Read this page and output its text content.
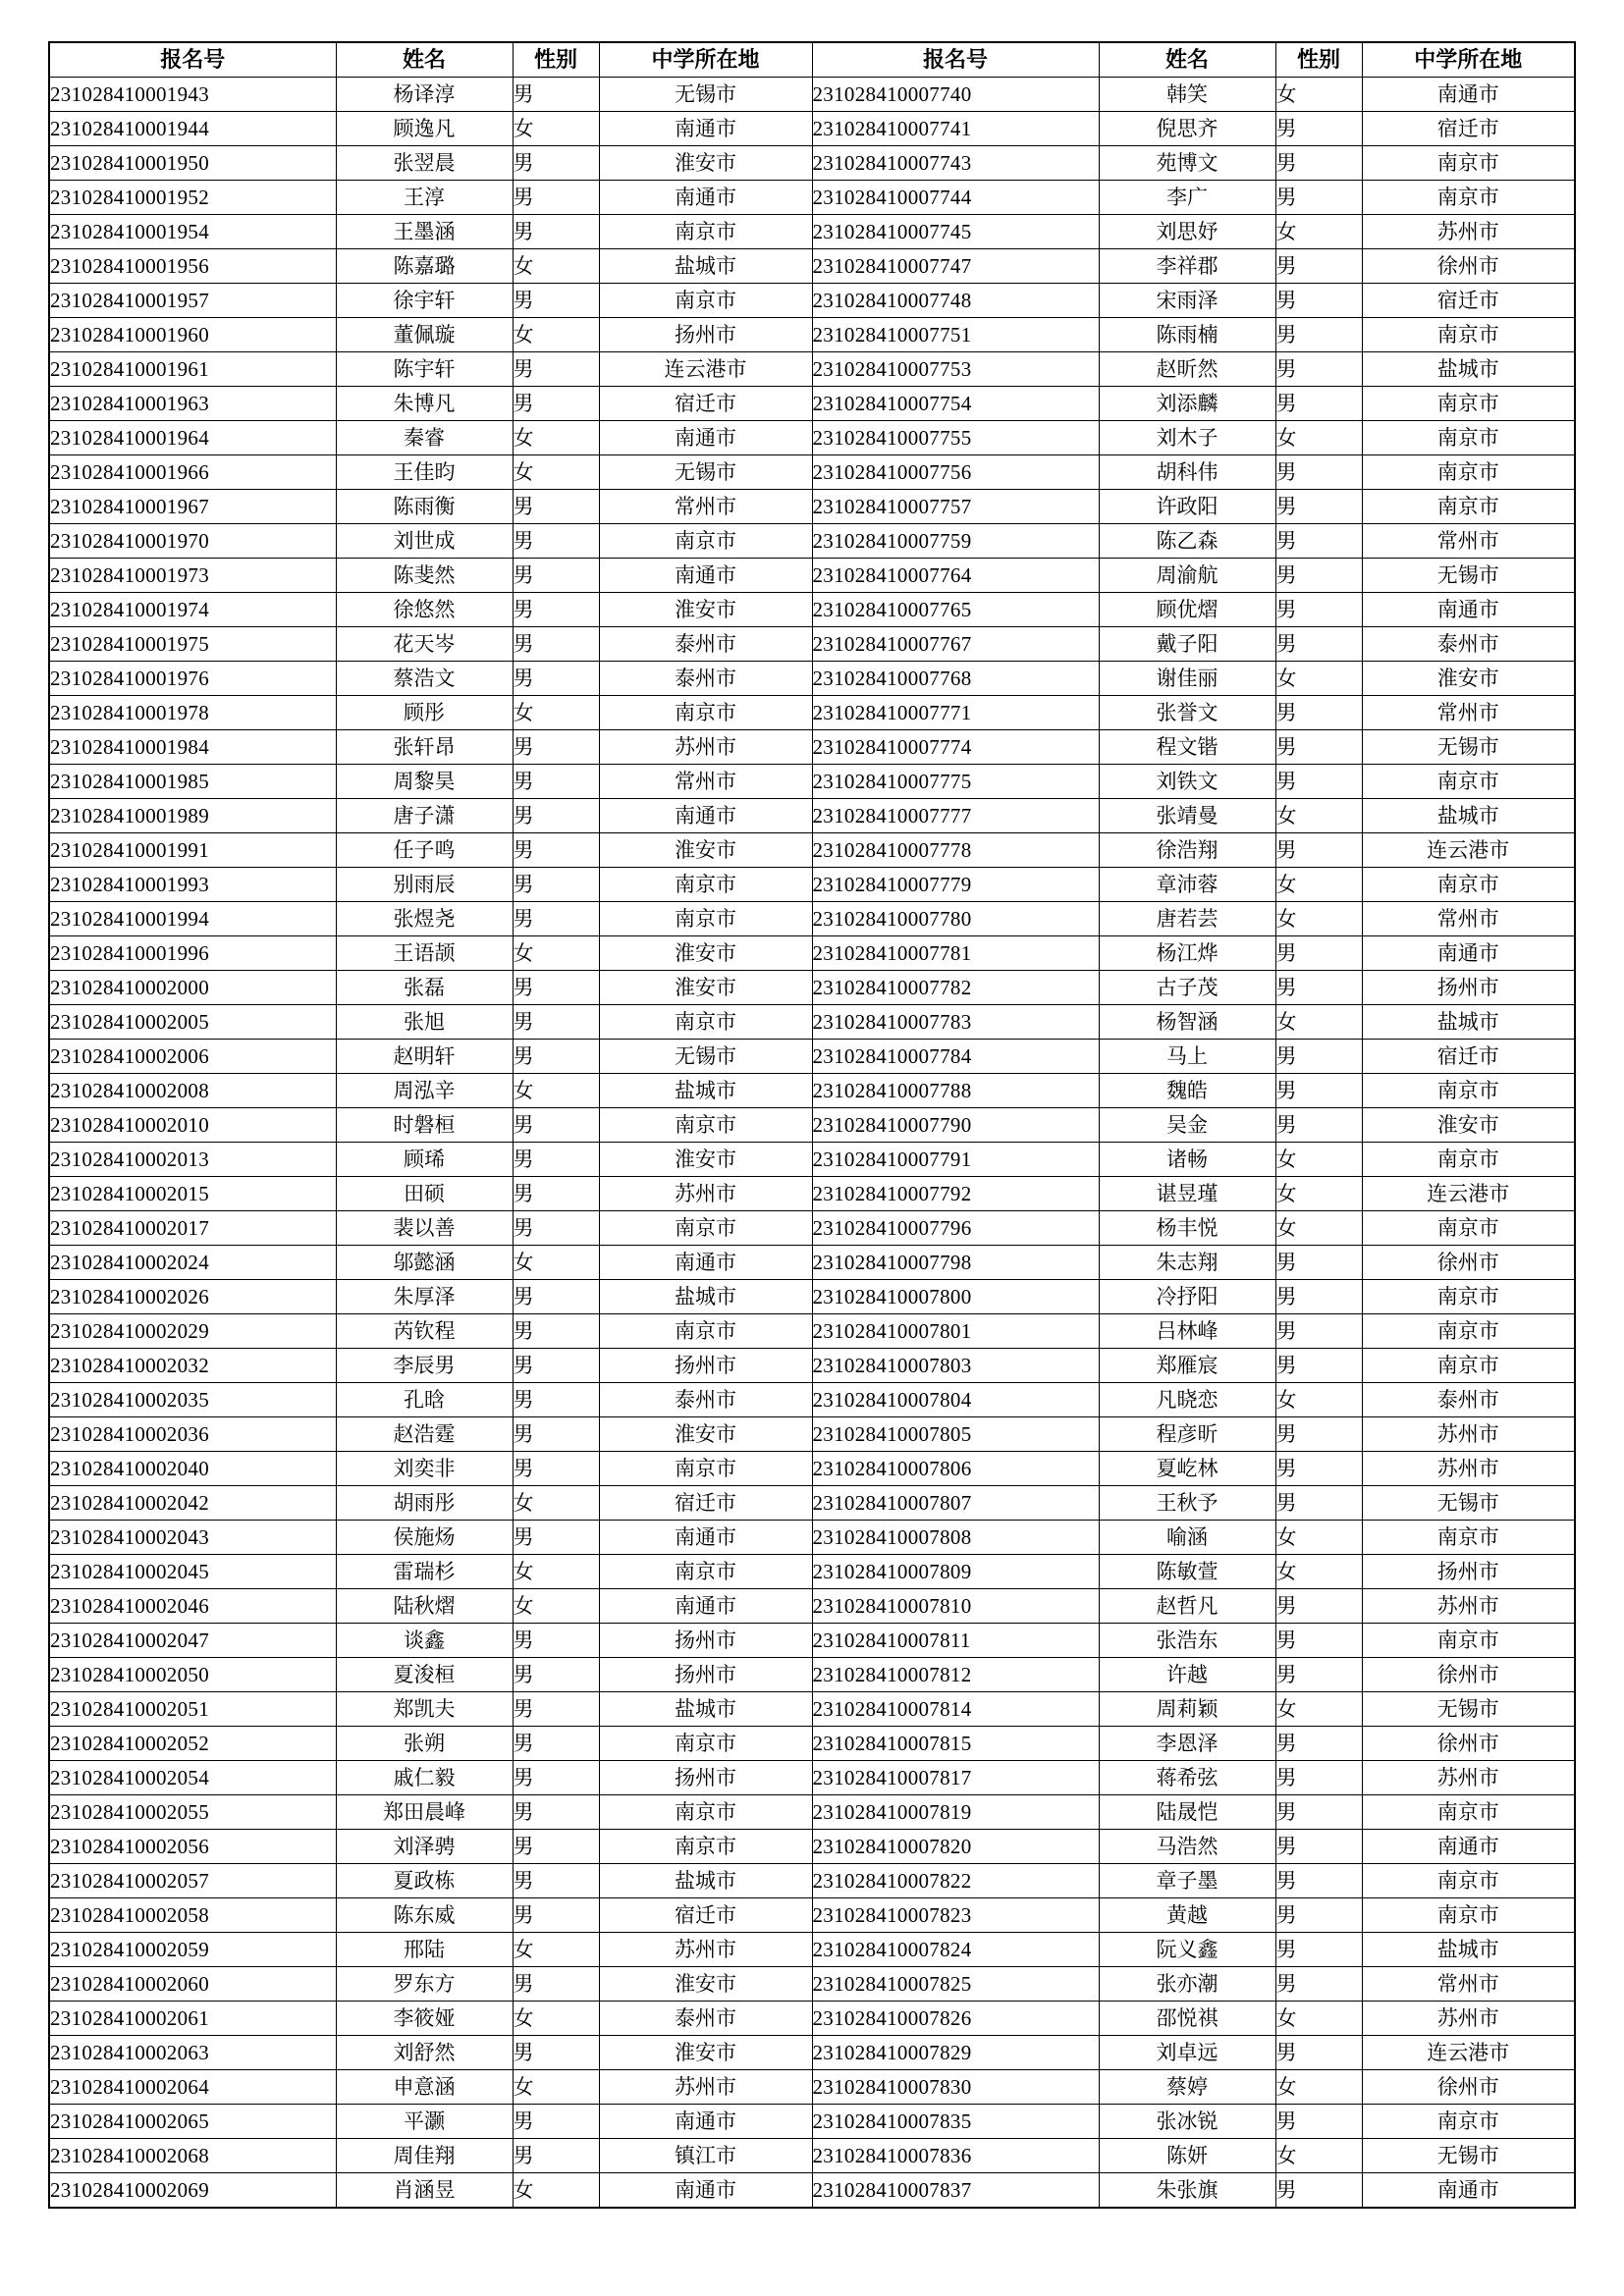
报名号	姓名	性别	中学所在地	报名号	姓名	性别	中学所在地
231028410001943	杨译淳	男	无锡市	231028410007740	韩笑	女	南通市
231028410001944	顾逸凡	女	南通市	231028410007741	倪思齐	男	宿迁市
231028410001950	张翌晨	男	淮安市	231028410007743	苑博文	男	南京市
231028410001952	王淳	男	南通市	231028410007744	李广	男	南京市
231028410001954	王墨涵	男	南京市	231028410007745	刘思妤	女	苏州市
231028410001956	陈嘉璐	女	盐城市	231028410007747	李祥郡	男	徐州市
231028410001957	徐宇轩	男	南京市	231028410007748	宋雨泽	男	宿迁市
231028410001960	董佩璇	女	扬州市	231028410007751	陈雨楠	男	南京市
231028410001961	陈宇轩	男	连云港市	231028410007753	赵昕然	男	盐城市
231028410001963	朱博凡	男	宿迁市	231028410007754	刘添麟	男	南京市
231028410001964	秦睿	女	南通市	231028410007755	刘木子	女	南京市
231028410001966	王佳昀	女	无锡市	231028410007756	胡科伟	男	南京市
231028410001967	陈雨衡	男	常州市	231028410007757	许政阳	男	南京市
231028410001970	刘世成	男	南京市	231028410007759	陈乙森	男	常州市
231028410001973	陈斐然	男	南通市	231028410007764	周渝航	男	无锡市
231028410001974	徐悠然	男	淮安市	231028410007765	顾优熠	男	南通市
231028410001975	花天岑	男	泰州市	231028410007767	戴子阳	男	泰州市
231028410001976	蔡浩文	男	泰州市	231028410007768	谢佳丽	女	淮安市
231028410001978	顾彤	女	南京市	231028410007771	张誉文	男	常州市
231028410001984	张轩昂	男	苏州市	231028410007774	程文锴	男	无锡市
231028410001985	周黎昊	男	常州市	231028410007775	刘铁文	男	南京市
231028410001989	唐子潇	男	南通市	231028410007777	张靖曼	女	盐城市
231028410001991	任子鸣	男	淮安市	231028410007778	徐浩翔	男	连云港市
231028410001993	别雨辰	男	南京市	231028410007779	章沛蓉	女	南京市
231028410001994	张煜尧	男	南京市	231028410007780	唐若芸	女	常州市
231028410001996	王语颉	女	淮安市	231028410007781	杨江烨	男	南通市
231028410002000	张磊	男	淮安市	231028410007782	古子茂	男	扬州市
231028410002005	张旭	男	南京市	231028410007783	杨智涵	女	盐城市
231028410002006	赵明轩	男	无锡市	231028410007784	马上	男	宿迁市
231028410002008	周泓辛	女	盐城市	231028410007788	魏皓	男	南京市
231028410002010	时磐桓	男	南京市	231028410007790	吴金	男	淮安市
231028410002013	顾琋	男	淮安市	231028410007791	诸畅	女	南京市
231028410002015	田硕	男	苏州市	231028410007792	谌昱瑾	女	连云港市
231028410002017	裴以善	男	南京市	231028410007796	杨丰悦	女	南京市
231028410002024	邬懿涵	女	南通市	231028410007798	朱志翔	男	徐州市
231028410002026	朱厚泽	男	盐城市	231028410007800	冷抒阳	男	南京市
231028410002029	芮钦程	男	南京市	231028410007801	吕林峰	男	南京市
231028410002032	李辰男	男	扬州市	231028410007803	郑雁宸	男	南京市
231028410002035	孔晗	男	泰州市	231028410007804	凡晓恋	女	泰州市
231028410002036	赵浩霆	男	淮安市	231028410007805	程彦昕	男	苏州市
231028410002040	刘奕非	男	南京市	231028410007806	夏屹林	男	苏州市
231028410002042	胡雨彤	女	宿迁市	231028410007807	王秋予	男	无锡市
231028410002043	侯施炀	男	南通市	231028410007808	喻涵	女	南京市
231028410002045	雷瑞杉	女	南京市	231028410007809	陈敏萱	女	扬州市
231028410002046	陆秋熠	女	南通市	231028410007810	赵哲凡	男	苏州市
231028410002047	谈鑫	男	扬州市	231028410007811	张浩东	男	南京市
231028410002050	夏浚桓	男	扬州市	231028410007812	许越	男	徐州市
231028410002051	郑凯夫	男	盐城市	231028410007814	周莉颖	女	无锡市
231028410002052	张朔	男	南京市	231028410007815	李恩泽	男	徐州市
231028410002054	戚仁毅	男	扬州市	231028410007817	蒋希弦	男	苏州市
231028410002055	郑田晨峰	男	南京市	231028410007819	陆晟恺	男	南京市
231028410002056	刘泽骋	男	南京市	231028410007820	马浩然	男	南通市
231028410002057	夏政栋	男	盐城市	231028410007822	章子墨	男	南京市
231028410002058	陈东威	男	宿迁市	231028410007823	黄越	男	南京市
231028410002059	邢陆	女	苏州市	231028410007824	阮义鑫	男	盐城市
231028410002060	罗东方	男	淮安市	231028410007825	张亦潮	男	常州市
231028410002061	李筱娅	女	泰州市	231028410007826	邵悦祺	女	苏州市
231028410002063	刘舒然	男	淮安市	231028410007829	刘卓远	男	连云港市
231028410002064	申意涵	女	苏州市	231028410007830	蔡婷	女	徐州市
231028410002065	平灏	男	南通市	231028410007835	张冰锐	男	南京市
231028410002068	周佳翔	男	镇江市	231028410007836	陈妍	女	无锡市
231028410002069	肖涵昱	女	南通市	231028410007837	朱张旗	男	南通市
